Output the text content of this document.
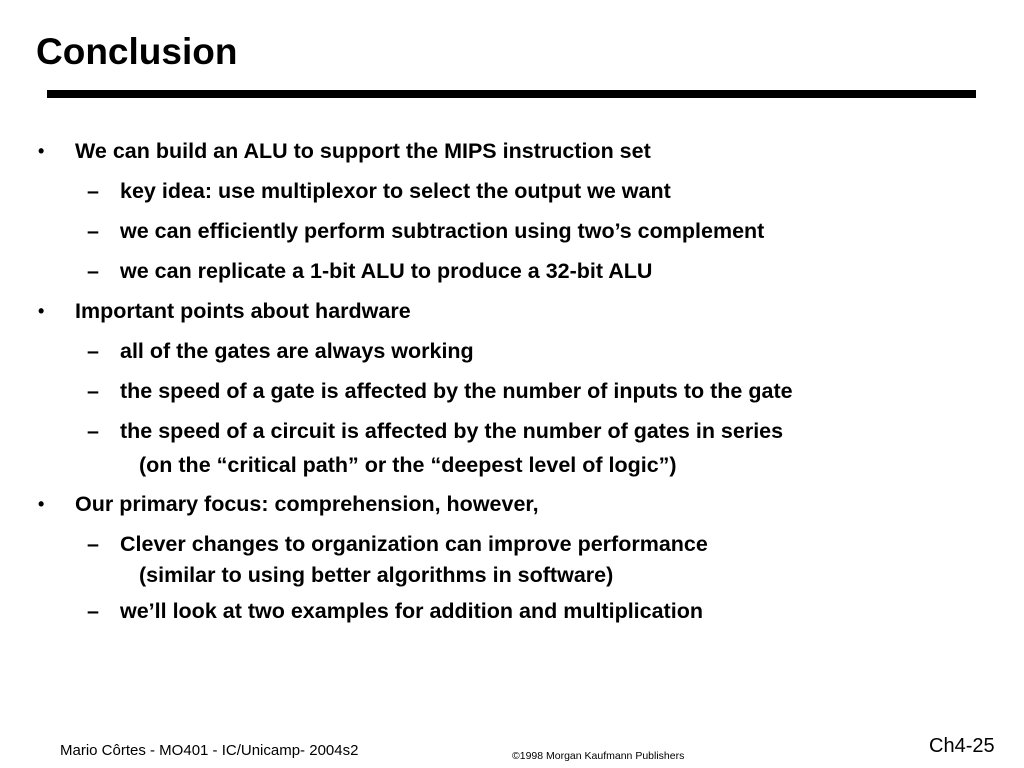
Conclusion
• We can build an ALU to support the MIPS instruction set
– key idea: use multiplexor to select the output we want
– we can efficiently perform subtraction using two’s complement
– we can replicate a 1-bit ALU to produce a 32-bit ALU
• Important points about hardware
– all of the gates are always working
– the speed of a gate is affected by the number of inputs to the gate
– the speed of a circuit is affected by the number of gates in series
(on the “critical path” or the “deepest level of logic”)
• Our primary focus: comprehension, however,
– Clever changes to organization can improve performance
(similar to using better algorithms in software)
– we’ll look at two examples for addition and multiplication
Mario Côrtes - MO401 - IC/Unicamp- 2004s2	©1998 Morgan Kaufmann Publishers	Ch4-25
